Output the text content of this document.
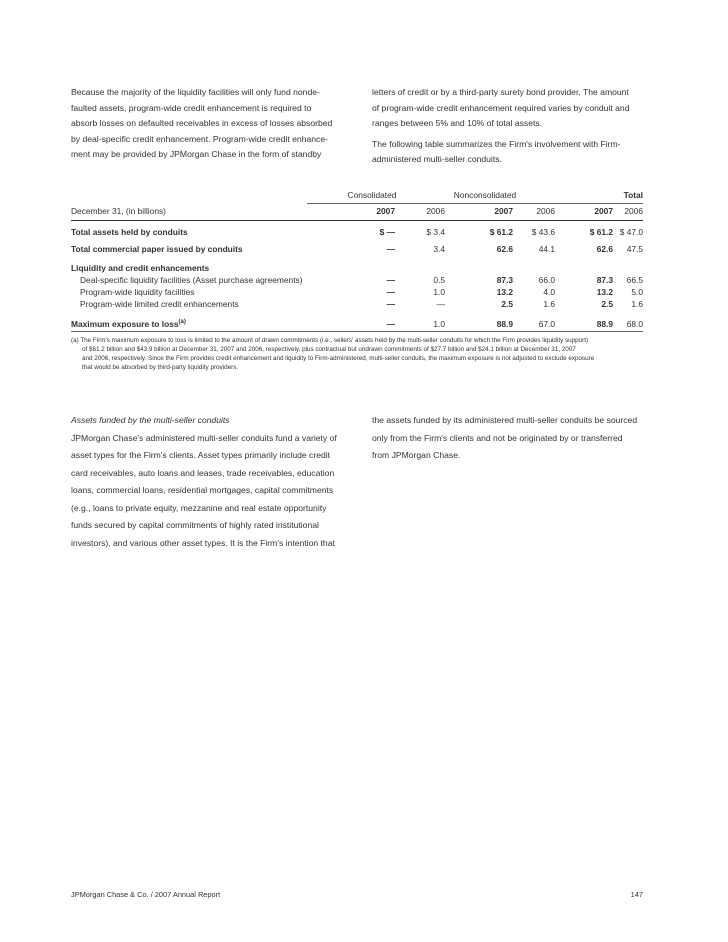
Because the majority of the liquidity facilities will only fund nonde-
faulted assets, program-wide credit enhancement is required to
absorb losses on defaulted receivables in excess of losses absorbed
by deal-specific credit enhancement. Program-wide credit enhance-
ment may be provided by JPMorgan Chase in the form of standby

letters of credit or by a third-party surety bond provider. The amount
of program-wide credit enhancement required varies by conduit and
ranges between 5% and 10% of total assets.

The following table summarizes the Firm's involvement with Firm-
administered multi-seller conduits.

Consolidated	Nonconsolidated	Total
December 31, (in billions)	2007	2006	2007	2006	2007 2006
Total assets held by conduits	$ —	$ 3.4	$ 61.2 $ 43.6	$ 61.2 $ 47.0
Total commercial paper issued by conduits	—	3.4	62.6	44.1	62.6 47.5
Liquidity and credit enhancements
Deal-specific liquidity facilities (Asset purchase agreements)	—	0.5	87.3	66.0	87.3 66.5
Program-wide liquidity facilities	—	1.0	13.2	4.0	13.2 5.0
Program-wide limited credit enhancements	—	—	2.5	1.6	2.5 1.6
Maximum exposure to loss$^{(a)}$	—	1.0	88.9	67.0	88.9 68.0
(a) The Firm's maximum exposure to loss is limited to the amount of drawn commitments (i.e., sellers' assets held by the multi-seller conduits for which the Firm provides liquidity support)
of $61.2 billion and $43.9 billion at December 31, 2007 and 2006, respectively, plus contractual but undrawn commitments of $27.7 billion and $24.1 billion at December 31, 2007
and 2006, respectively. Since the Firm provides credit enhancement and liquidity to Firm-administered, multi-seller conduits, the maximum exposure is not adjusted to exclude exposure
that would be absorbed by third-party liquidity providers.
Assets funded by the multi-seller conduits
JPMorgan Chase's administered multi-seller conduits fund a variety of
asset types for the Firm's clients. Asset types primarily include credit
card receivables, auto loans and leases, trade receivables, education
loans, commercial loans, residential mortgages, capital commitments
(e.g., loans to private equity, mezzanine and real estate opportunity
funds secured by capital commitments of highly rated institutional
investors), and various other asset types. It is the Firm's intention that
the assets funded by its administered multi-seller conduits be sourced
only from the Firm's clients and not be originated by or transferred
from JPMorgan Chase.
JPMorgan Chase & Co. / 2007 Annual Report	147
